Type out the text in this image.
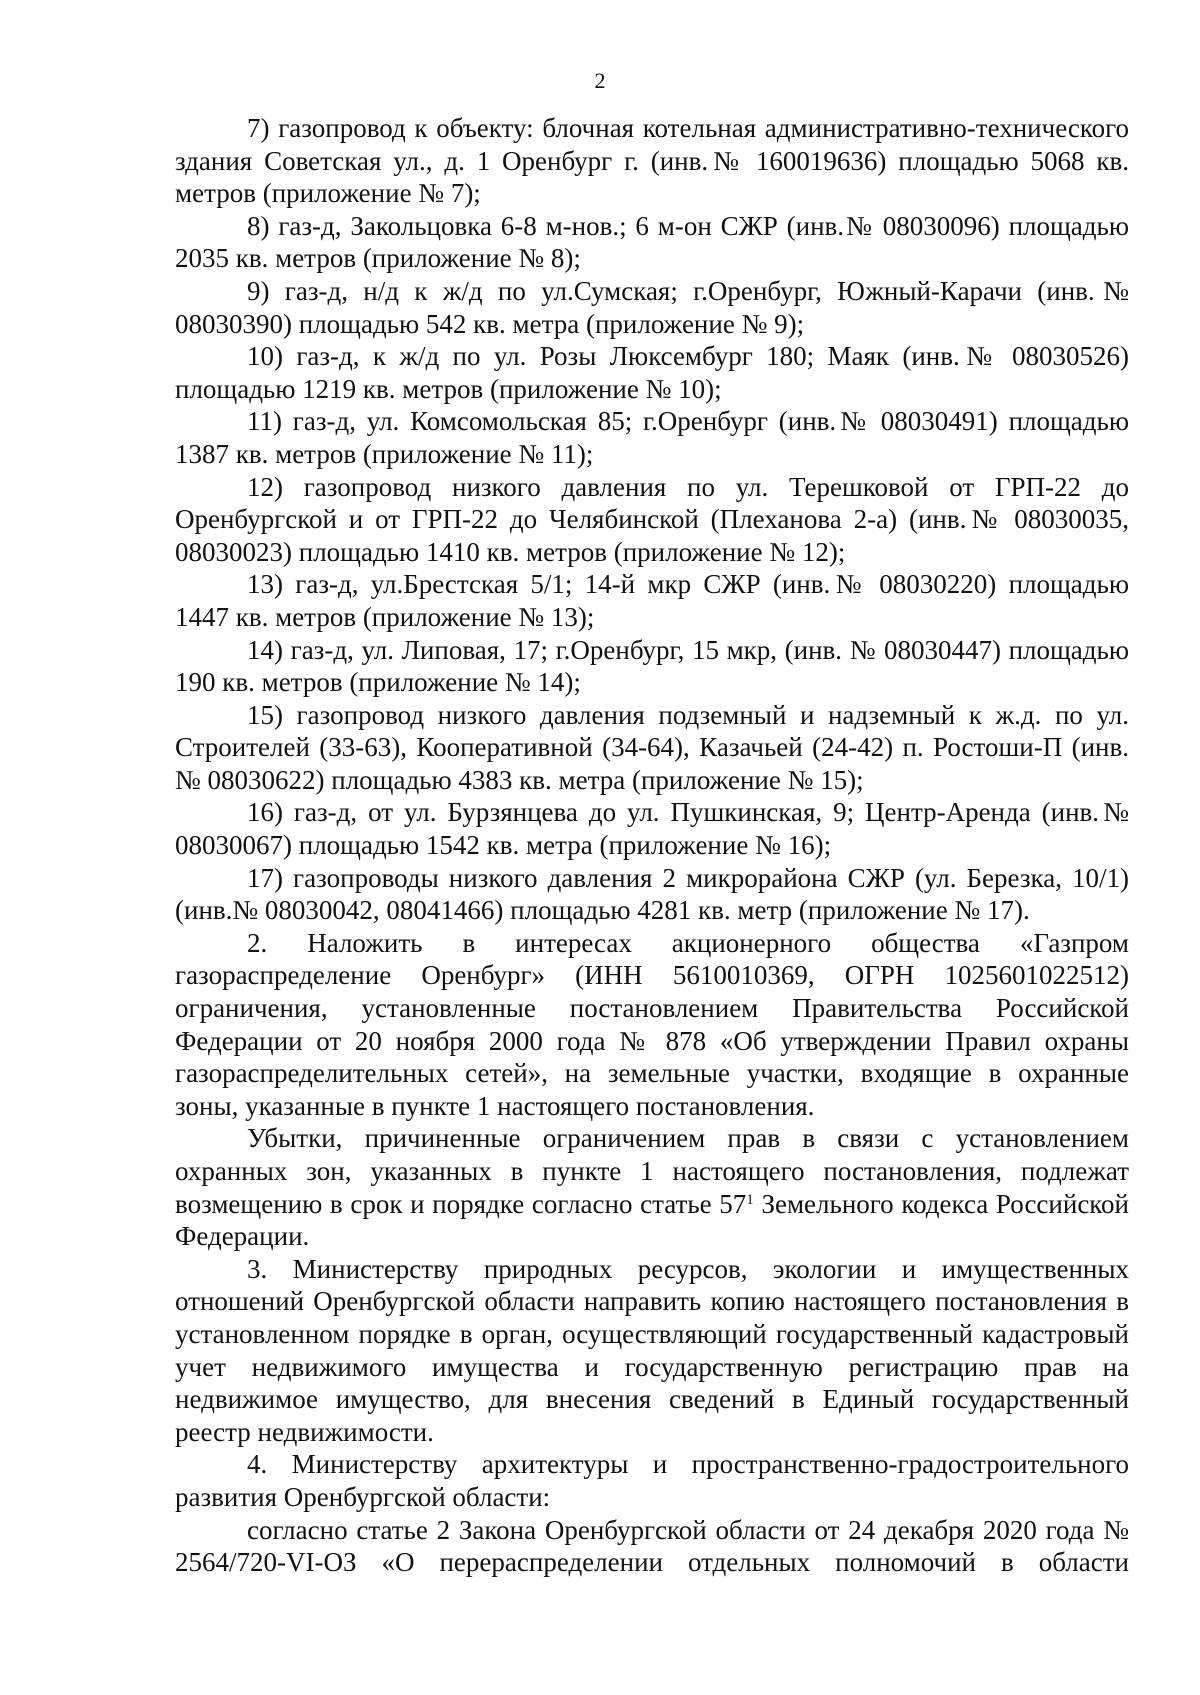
2

7) газопровод к объекту: блочная котельная административно-технического здания Советская ул., д. 1 Оренбург г. (инв.№ 160019636) площадью 5068 кв. метров (приложение № 7);

8) газ-д, Закольцовка 6-8 м-нов.; 6 м-он СЖР (инв.№ 08030096) площадью 2035 кв. метров (приложение № 8);

9) газ-д, н/д к ж/д по ул.Сумская; г.Оренбург, Южный-Карачи (инв.№ 08030390) площадью 542 кв. метра (приложение № 9);

10) газ-д, к ж/д по ул. Розы Люксембург 180; Маяк (инв.№ 08030526) площадью 1219 кв. метров (приложение № 10);

11) газ-д, ул. Комсомольская 85; г.Оренбург (инв.№ 08030491) площадью 1387 кв. метров (приложение № 11);

12) газопровод низкого давления по ул. Терешковой от ГРП-22 до Оренбургской и от ГРП-22 до Челябинской (Плеханова 2-а) (инв.№ 08030035, 08030023) площадью 1410 кв. метров (приложение № 12);

13) газ-д, ул.Брестская 5/1; 14-й мкр СЖР (инв.№ 08030220) площадью 1447 кв. метров (приложение № 13);

14) газ-д, ул. Липовая, 17; г.Оренбург, 15 мкр, (инв. № 08030447) площадью 190 кв. метров (приложение № 14);

15) газопровод низкого давления подземный и надземный к ж.д. по ул. Строителей (33-63), Кооперативной (34-64), Казачьей (24-42) п. Ростоши-П (инв.№ 08030622) площадью 4383 кв. метра (приложение № 15);

16) газ-д, от ул. Бурзянцева до ул. Пушкинская, 9; Центр-Аренда (инв.№ 08030067) площадью 1542 кв. метра (приложение № 16);

17) газопроводы низкого давления 2 микрорайона СЖР (ул. Березка, 10/1) (инв.№ 08030042, 08041466) площадью 4281 кв. метр (приложение № 17).

2. Наложить в интересах акционерного общества «Газпром газораспределение Оренбург» (ИНН 5610010369, ОГРН 1025601022512) ограничения, установленные постановлением Правительства Российской Федерации от 20 ноября 2000 года № 878 «Об утверждении Правил охраны газораспределительных сетей», на земельные участки, входящие в охранные зоны, указанные в пункте 1 настоящего постановления.

Убытки, причиненные ограничением прав в связи с установлением охранных зон, указанных в пункте 1 настоящего постановления, подлежат возмещению в срок и порядке согласно статье $57^1$ Земельного кодекса Российской Федерации.

3. Министерству природных ресурсов, экологии и имущественных отношений Оренбургской области направить копию настоящего постановления в установленном порядке в орган, осуществляющий государственный кадастровый учет недвижимого имущества и государственную регистрацию прав на недвижимое имущество, для внесения сведений в Единый государственный реестр недвижимости.

4. Министерству архитектуры и пространственно-градостроительного развития Оренбургской области:

согласно статье 2 Закона Оренбургской области от 24 декабря 2020 года № 2564/720-VI-ОЗ «О перераспределении отдельных полномочий в области
